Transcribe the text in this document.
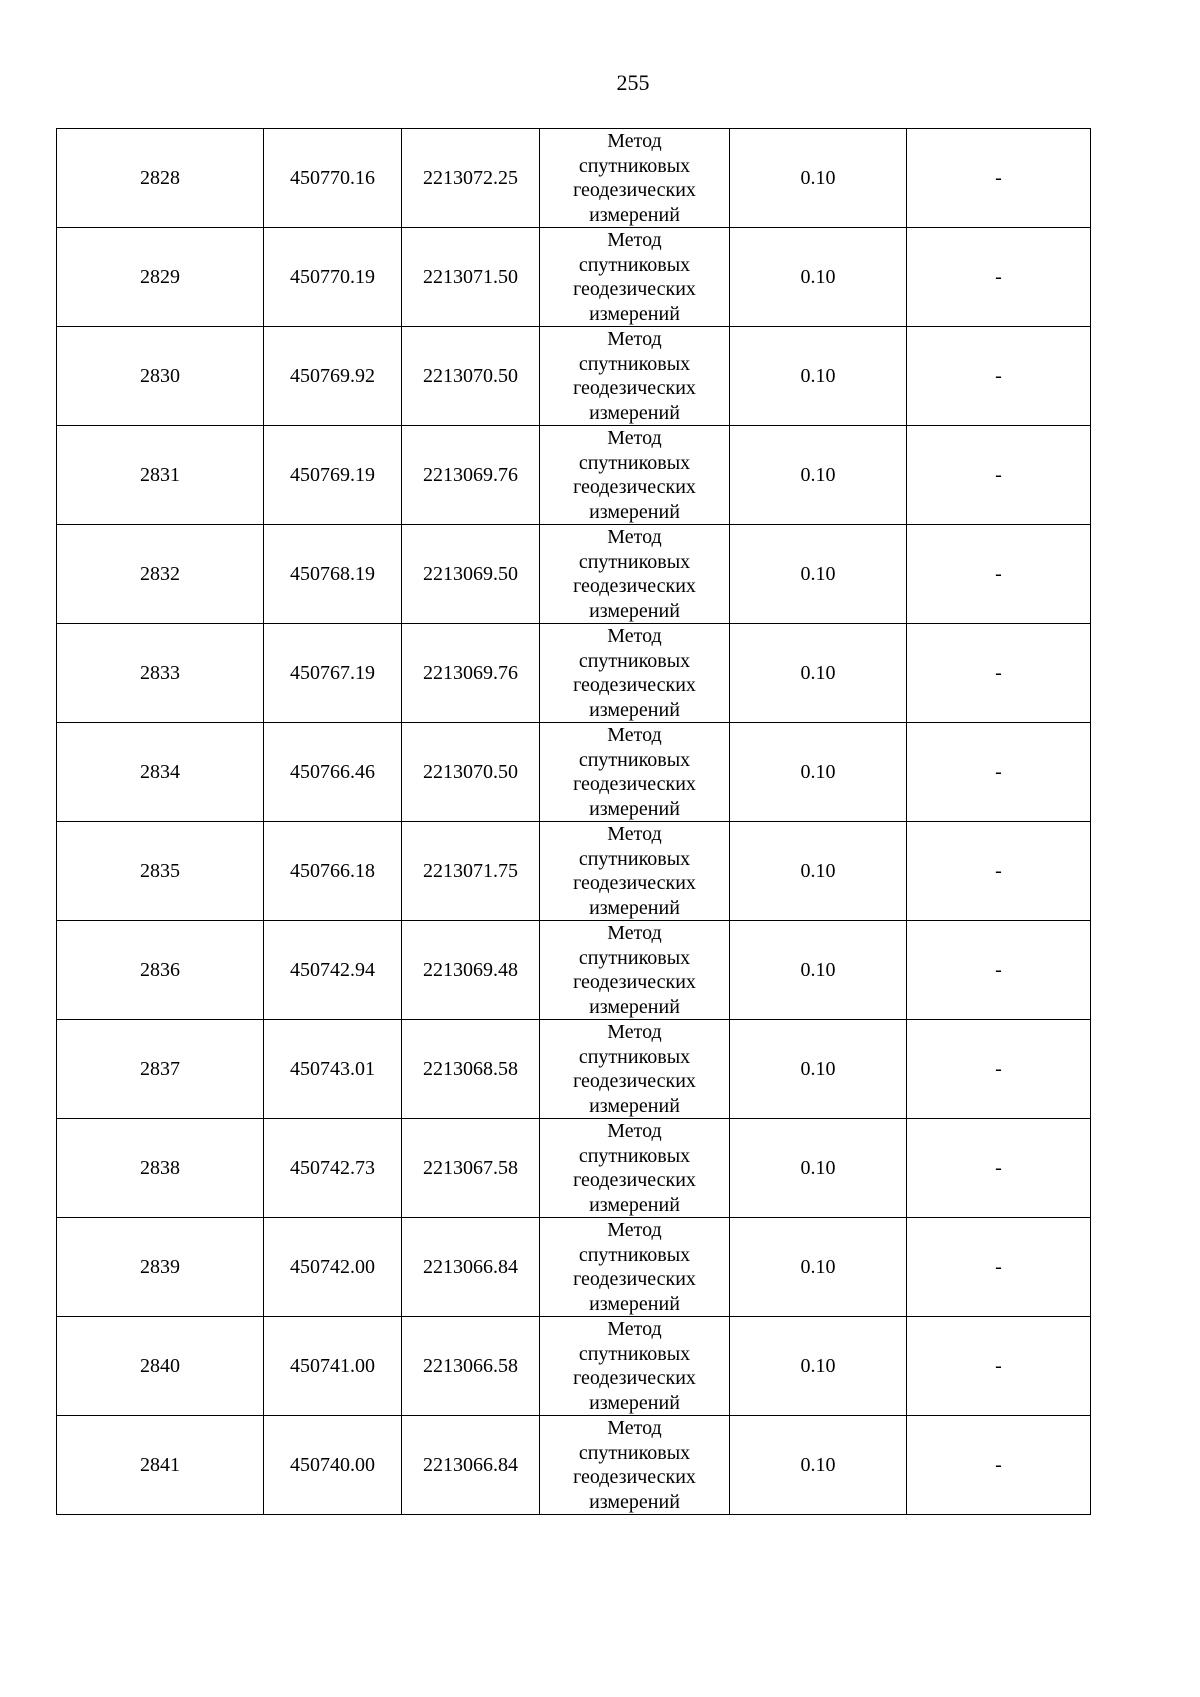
255
2828	450770.16	2213072.25	Метод
спутниковых
геодезических
измерений	0.10	-
2829	450770.19	2213071.50	Метод
спутниковых
геодезических
измерений	0.10	-
2830	450769.92	2213070.50	Метод
спутниковых
геодезических
измерений	0.10	-
2831	450769.19	2213069.76	Метод
спутниковых
геодезических
измерений	0.10	-
2832	450768.19	2213069.50	Метод
спутниковых
геодезических
измерений	0.10	-
2833	450767.19	2213069.76	Метод
спутниковых
геодезических
измерений	0.10	-
2834	450766.46	2213070.50	Метод
спутниковых
геодезических
измерений	0.10	-
2835	450766.18	2213071.75	Метод
спутниковых
геодезических
измерений	0.10	-
2836	450742.94	2213069.48	Метод
спутниковых
геодезических
измерений	0.10	-
2837	450743.01	2213068.58	Метод
спутниковых
геодезических
измерений	0.10	-
2838	450742.73	2213067.58	Метод
спутниковых
геодезических
измерений	0.10	-
2839	450742.00	2213066.84	Метод
спутниковых
геодезических
измерений	0.10	-
2840	450741.00	2213066.58	Метод
спутниковых
геодезических
измерений	0.10	-
2841	450740.00	2213066.84	Метод
спутниковых
геодезических
измерений	0.10	-
